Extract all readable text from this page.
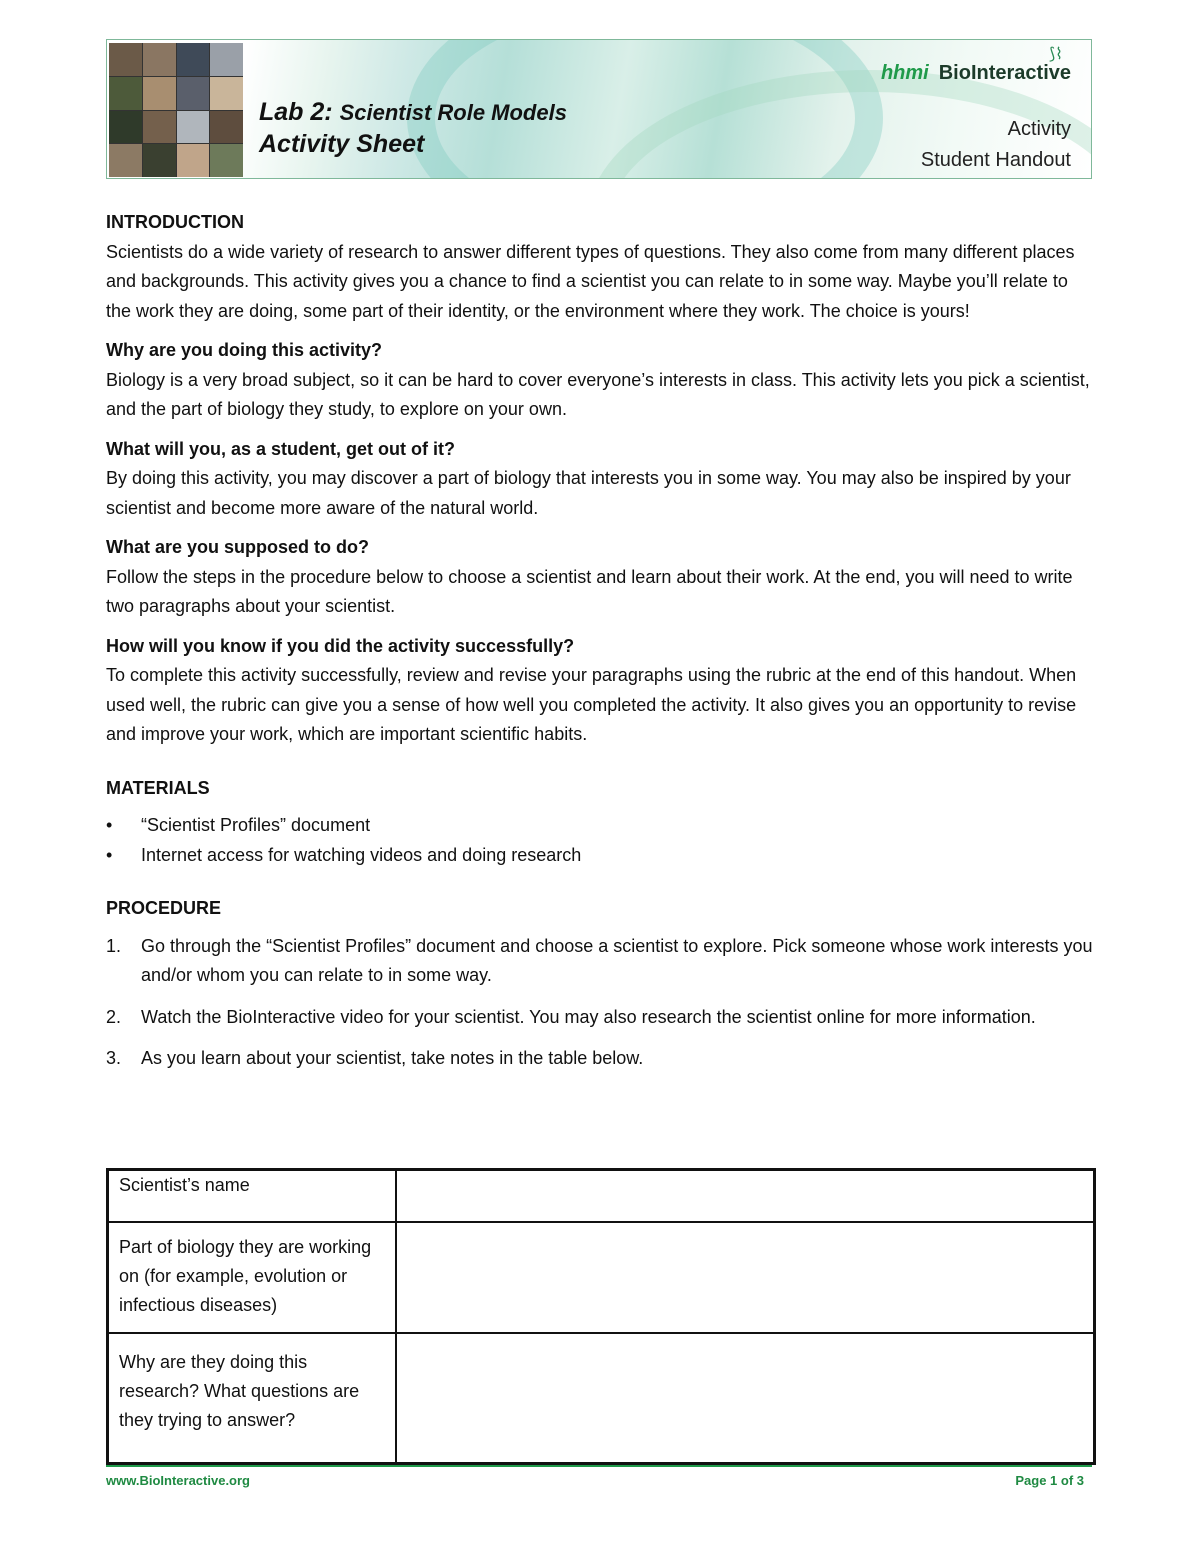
Lab 2: Scientist Role Models
Activity Sheet
⟆⌇
hhmi BioInteractive
Activity
Student Handout

INTRODUCTION

Scientists do a wide variety of research to answer different types of questions. They also come from many different places and backgrounds. This activity gives you a chance to find a scientist you can relate to in some way. Maybe you’ll relate to the work they are doing, some part of their identity, or the environment where they work. The choice is yours!

Why are you doing this activity?

Biology is a very broad subject, so it can be hard to cover everyone’s interests in class. This activity lets you pick a scientist, and the part of biology they study, to explore on your own.

What will you, as a student, get out of it?

By doing this activity, you may discover a part of biology that interests you in some way. You may also be inspired by your scientist and become more aware of the natural world.

What are you supposed to do?

Follow the steps in the procedure below to choose a scientist and learn about their work. At the end, you will need to write two paragraphs about your scientist.

How will you know if you did the activity successfully?

To complete this activity successfully, review and revise your paragraphs using the rubric at the end of this handout. When used well, the rubric can give you a sense of how well you completed the activity. It also gives you an opportunity to revise and improve your work, which are important scientific habits.

MATERIALS

• “Scientist Profiles” document
• Internet access for watching videos and doing research

PROCEDURE

1. Go through the “Scientist Profiles” document and choose a scientist to explore. Pick someone whose work interests you and/or whom you can relate to in some way.
2. Watch the BioInteractive video for your scientist. You may also research the scientist online for more information.
3. As you learn about your scientist, take notes in the table below.
Scientist’s name	
Part of biology they are working on (for example, evolution or infectious diseases)	
Why are they doing this research? What questions are they trying to answer?	
www.BioInteractive.org	Page 1 of 3
